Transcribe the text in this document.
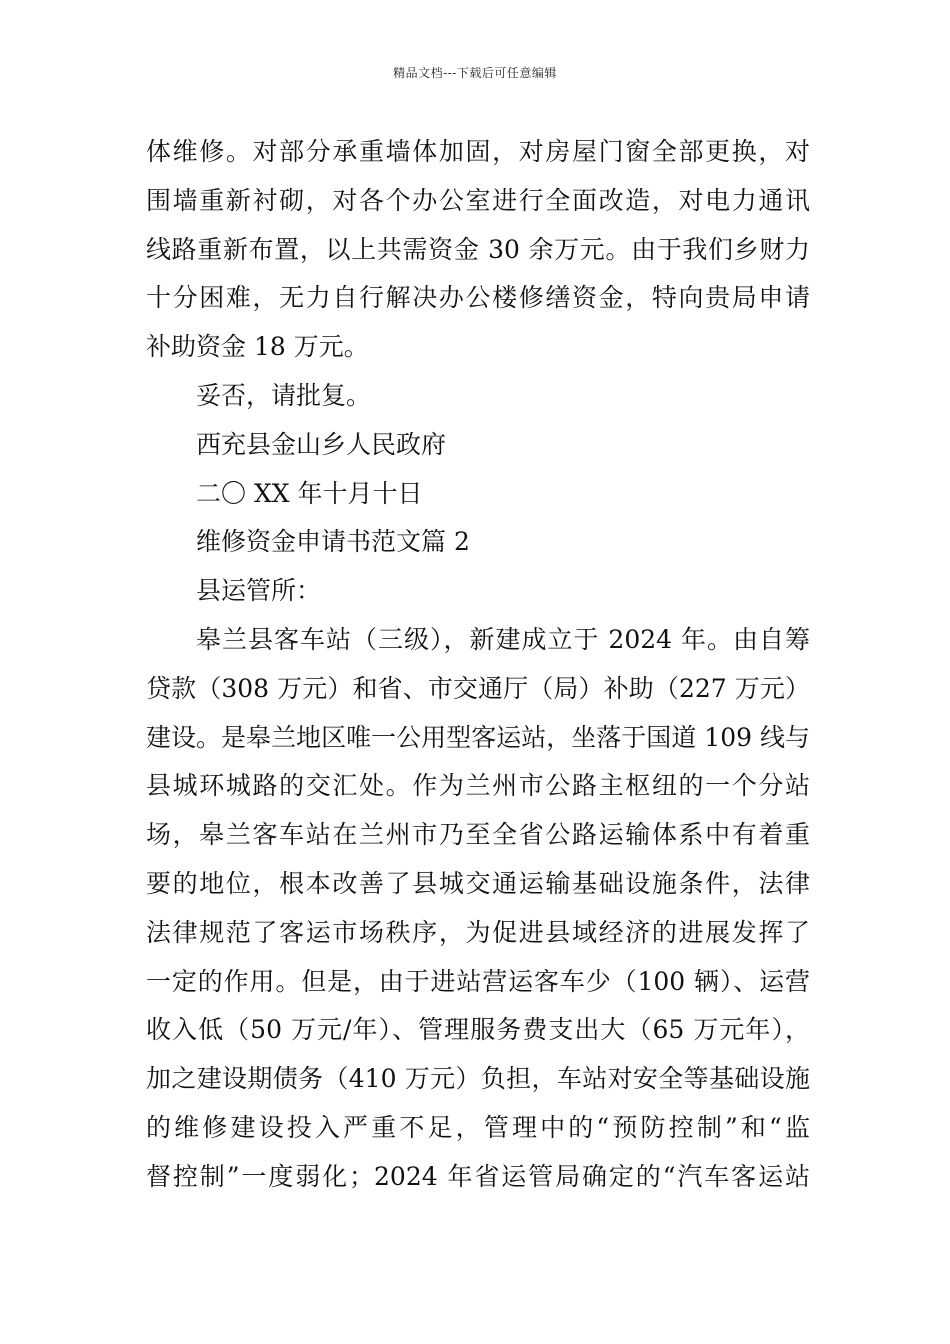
精品文档---下载后可任意编辑
体维修。对部分承重墙体加固，对房屋门窗全部更换，对
围墙重新衬砌，对各个办公室进行全面改造，对电力通讯
线路重新布置，以上共需资金 30 余万元。由于我们乡财力
十分困难，无力自行解决办公楼修缮资金，特向贵局申请
补助资金 18 万元。
妥否，请批复。
西充县金山乡人民政府
二〇 XX 年十月十日
维修资金申请书范文篇 2
县运管所：
皋兰县客车站（三级），新建成立于 2024 年。由自筹
贷款（308 万元）和省、市交通厅（局）补助（227 万元）
建设。是皋兰地区唯一公用型客运站，坐落于国道 109 线与
县城环城路的交汇处。作为兰州市公路主枢纽的一个分站
场，皋兰客车站在兰州市乃至全省公路运输体系中有着重
要的地位，根本改善了县城交通运输基础设施条件，法律
法律规范了客运市场秩序，为促进县域经济的进展发挥了
一定的作用。但是，由于进站营运客车少（100 辆）、运营
收入低（50 万元/年）、管理服务费支出大（65 万元年），
加之建设期债务（410 万元）负担，车站对安全等基础设施
的维修建设投入严重不足，管理中的“预防控制”和“监
督控制”一度弱化；2024 年省运管局确定的“汽车客运站
